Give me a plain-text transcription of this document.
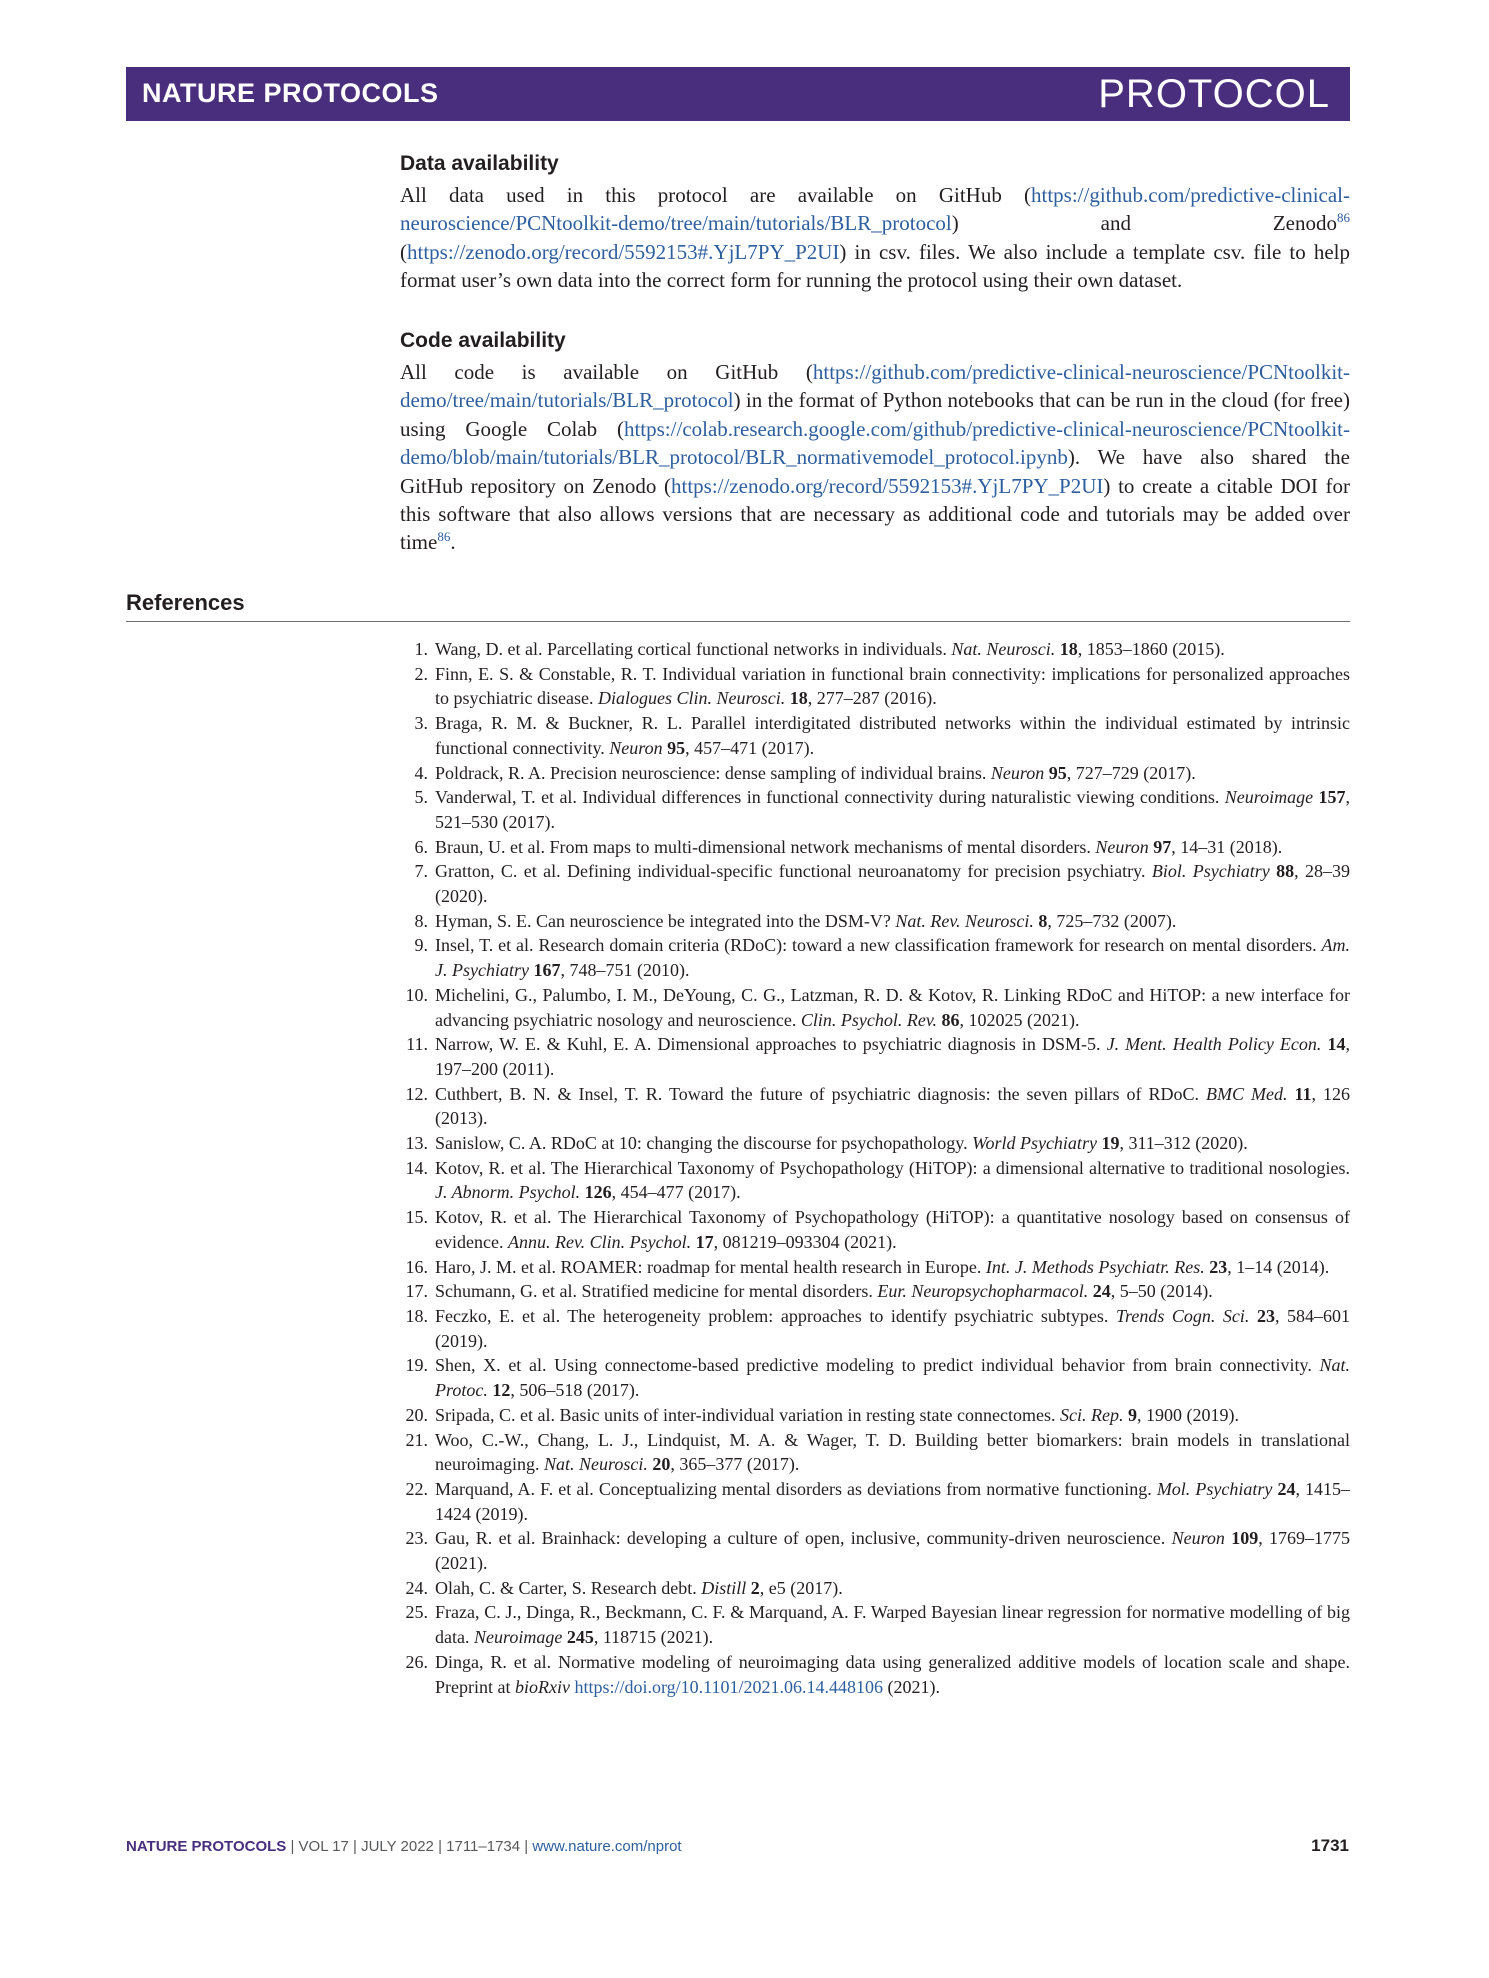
NATURE PROTOCOLS	PROTOCOL
Data availability

All data used in this protocol are available on GitHub (https://github.com/predictive-clinical-neuroscience/PCNtoolkit-demo/tree/main/tutorials/BLR_protocol) and Zenodo$^{86}$ (https://zenodo.org/record/5592153#.YjL7PY_P2UI) in csv. files. We also include a template csv. file to help format user’s own data into the correct form for running the protocol using their own dataset.

Code availability

All code is available on GitHub (https://github.com/predictive-clinical-neuroscience/PCNtoolkit-demo/tree/main/tutorials/BLR_protocol) in the format of Python notebooks that can be run in the cloud (for free) using Google Colab (https://colab.research.google.com/github/predictive-clinical-neuroscience/PCNtoolkit-demo/blob/main/tutorials/BLR_protocol/BLR_normativemodel_protocol.ipynb). We have also shared the GitHub repository on Zenodo (https://zenodo.org/record/5592153#.YjL7PY_P2UI) to create a citable DOI for this software that also allows versions that are necessary as additional code and tutorials may be added over time$^{86}$.

References
1. Wang, D. et al. Parcellating cortical functional networks in individuals. Nat. Neurosci. 18, 1853–1860 (2015).
2. Finn, E. S. & Constable, R. T. Individual variation in functional brain connectivity: implications for personalized approaches to psychiatric disease. Dialogues Clin. Neurosci. 18, 277–287 (2016).
3. Braga, R. M. & Buckner, R. L. Parallel interdigitated distributed networks within the individual estimated by intrinsic functional connectivity. Neuron 95, 457–471 (2017).
4. Poldrack, R. A. Precision neuroscience: dense sampling of individual brains. Neuron 95, 727–729 (2017).
5. Vanderwal, T. et al. Individual differences in functional connectivity during naturalistic viewing conditions. Neuroimage 157, 521–530 (2017).
6. Braun, U. et al. From maps to multi-dimensional network mechanisms of mental disorders. Neuron 97, 14–31 (2018).
7. Gratton, C. et al. Defining individual-specific functional neuroanatomy for precision psychiatry. Biol. Psychiatry 88, 28–39 (2020).
8. Hyman, S. E. Can neuroscience be integrated into the DSM-V? Nat. Rev. Neurosci. 8, 725–732 (2007).
9. Insel, T. et al. Research domain criteria (RDoC): toward a new classification framework for research on mental disorders. Am. J. Psychiatry 167, 748–751 (2010).
10. Michelini, G., Palumbo, I. M., DeYoung, C. G., Latzman, R. D. & Kotov, R. Linking RDoC and HiTOP: a new interface for advancing psychiatric nosology and neuroscience. Clin. Psychol. Rev. 86, 102025 (2021).
11. Narrow, W. E. & Kuhl, E. A. Dimensional approaches to psychiatric diagnosis in DSM-5. J. Ment. Health Policy Econ. 14, 197–200 (2011).
12. Cuthbert, B. N. & Insel, T. R. Toward the future of psychiatric diagnosis: the seven pillars of RDoC. BMC Med. 11, 126 (2013).
13. Sanislow, C. A. RDoC at 10: changing the discourse for psychopathology. World Psychiatry 19, 311–312 (2020).
14. Kotov, R. et al. The Hierarchical Taxonomy of Psychopathology (HiTOP): a dimensional alternative to traditional nosologies. J. Abnorm. Psychol. 126, 454–477 (2017).
15. Kotov, R. et al. The Hierarchical Taxonomy of Psychopathology (HiTOP): a quantitative nosology based on consensus of evidence. Annu. Rev. Clin. Psychol. 17, 081219–093304 (2021).
16. Haro, J. M. et al. ROAMER: roadmap for mental health research in Europe. Int. J. Methods Psychiatr. Res. 23, 1–14 (2014).
17. Schumann, G. et al. Stratified medicine for mental disorders. Eur. Neuropsychopharmacol. 24, 5–50 (2014).
18. Feczko, E. et al. The heterogeneity problem: approaches to identify psychiatric subtypes. Trends Cogn. Sci. 23, 584–601 (2019).
19. Shen, X. et al. Using connectome-based predictive modeling to predict individual behavior from brain connectivity. Nat. Protoc. 12, 506–518 (2017).
20. Sripada, C. et al. Basic units of inter-individual variation in resting state connectomes. Sci. Rep. 9, 1900 (2019).
21. Woo, C.-W., Chang, L. J., Lindquist, M. A. & Wager, T. D. Building better biomarkers: brain models in translational neuroimaging. Nat. Neurosci. 20, 365–377 (2017).
22. Marquand, A. F. et al. Conceptualizing mental disorders as deviations from normative functioning. Mol. Psychiatry 24, 1415–1424 (2019).
23. Gau, R. et al. Brainhack: developing a culture of open, inclusive, community-driven neuroscience. Neuron 109, 1769–1775 (2021).
24. Olah, C. & Carter, S. Research debt. Distill 2, e5 (2017).
25. Fraza, C. J., Dinga, R., Beckmann, C. F. & Marquand, A. F. Warped Bayesian linear regression for normative modelling of big data. Neuroimage 245, 118715 (2021).
26. Dinga, R. et al. Normative modeling of neuroimaging data using generalized additive models of location scale and shape. Preprint at bioRxiv https://doi.org/10.1101/2021.06.14.448106 (2021).
NATURE PROTOCOLS | VOL 17 | JULY 2022 | 1711–1734 | www.nature.com/nprot	1731
